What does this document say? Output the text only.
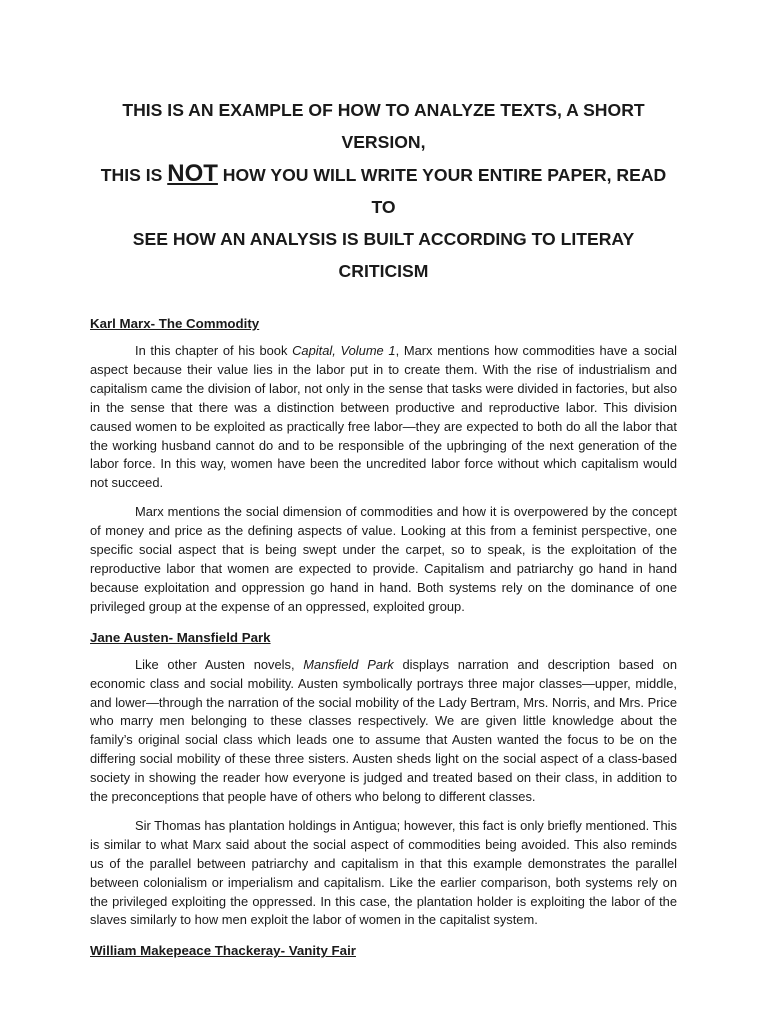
THIS IS AN EXAMPLE OF HOW TO ANALYZE TEXTS, A SHORT VERSION,
THIS IS NOT HOW YOU WILL WRITE YOUR ENTIRE PAPER, READ TO
SEE HOW AN ANALYSIS IS BUILT ACCORDING TO LITERAY CRITICISM
Karl Marx- The Commodity

In this chapter of his book Capital, Volume 1, Marx mentions how commodities have a social aspect because their value lies in the labor put in to create them. With the rise of industrialism and capitalism came the division of labor, not only in the sense that tasks were divided in factories, but also in the sense that there was a distinction between productive and reproductive labor. This division caused women to be exploited as practically free labor—they are expected to both do all the labor that the working husband cannot do and to be responsible of the upbringing of the next generation of the labor force. In this way, women have been the uncredited labor force without which capitalism would not succeed.

Marx mentions the social dimension of commodities and how it is overpowered by the concept of money and price as the defining aspects of value. Looking at this from a feminist perspective, one specific social aspect that is being swept under the carpet, so to speak, is the exploitation of the reproductive labor that women are expected to provide. Capitalism and patriarchy go hand in hand because exploitation and oppression go hand in hand. Both systems rely on the dominance of one privileged group at the expense of an oppressed, exploited group.

Jane Austen- Mansfield Park

Like other Austen novels, Mansfield Park displays narration and description based on economic class and social mobility. Austen symbolically portrays three major classes—upper, middle, and lower—through the narration of the social mobility of the Lady Bertram, Mrs. Norris, and Mrs. Price who marry men belonging to these classes respectively. We are given little knowledge about the family’s original social class which leads one to assume that Austen wanted the focus to be on the differing social mobility of these three sisters. Austen sheds light on the social aspect of a class-based society in showing the reader how everyone is judged and treated based on their class, in addition to the preconceptions that people have of others who belong to different classes.

Sir Thomas has plantation holdings in Antigua; however, this fact is only briefly mentioned. This is similar to what Marx said about the social aspect of commodities being avoided. This also reminds us of the parallel between patriarchy and capitalism in that this example demonstrates the parallel between colonialism or imperialism and capitalism. Like the earlier comparison, both systems rely on the privileged exploiting the oppressed. In this case, the plantation holder is exploiting the labor of the slaves similarly to how men exploit the labor of women in the capitalist system.

William Makepeace Thackeray- Vanity Fair
